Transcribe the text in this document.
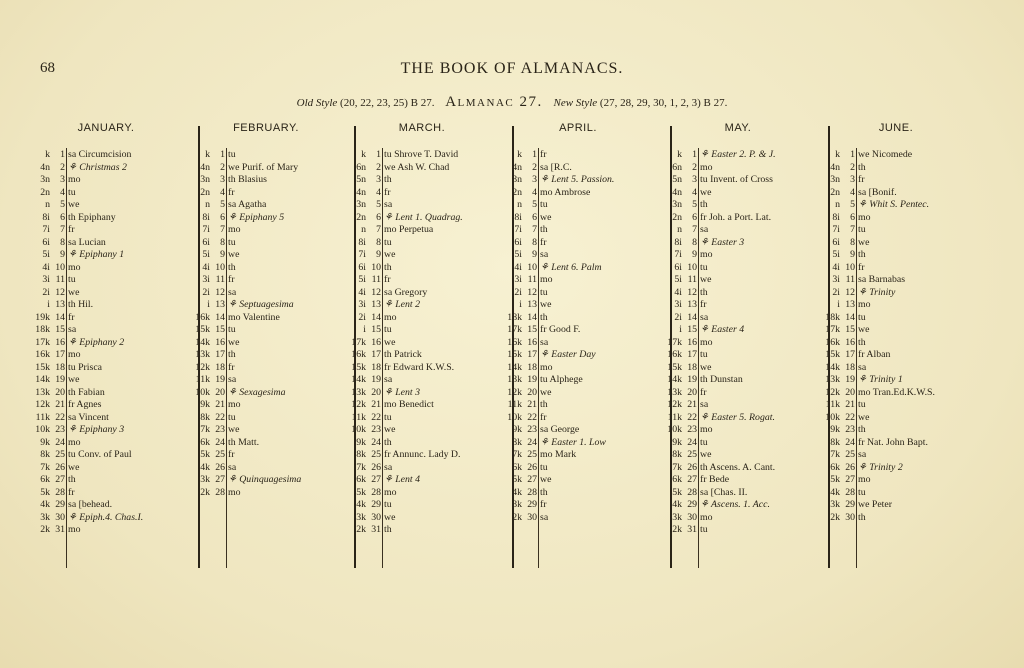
68	THE BOOK OF ALMANACS.
Old Style (20, 22, 23, 25) B 27. Almanac 27. New Style (27, 28, 29, 30, 1, 2, 3) B 27.
JANUARY.
k	1 sa Circumcision
4n	2 ⚘ Christmas 2
3n	3 mo
2n	4 tu
n	5 we
8i	6 th Epiphany
7i	7 fr
6i	8 sa Lucian
5i	9 ⚘ Epiphany 1
4i 10 mo
3i 11 tu
2i 12 we
i 13 th Hil.
19k 14 fr
18k 15 sa
17k 16 ⚘ Epiphany 2
16k 17 mo
15k 18 tu Prisca
14k 19 we
13k 20 th Fabian
12k 21 fr Agnes
11k 22 sa Vincent
10k 23 ⚘ Epiphany 3
9k 24 mo
8k 25 tu Conv. of Paul
7k 26 we
6k 27 th
5k 28 fr
4k 29 sa [behead.
3k 30 ⚘ Epiph.4. Chas.I.
2k 31 mo
FEBRUARY.
k	1 tu
4n	2 we Purif. of Mary
3n	3 th Blasius
2n	4 fr
n	5 sa Agatha
8i	6 ⚘ Epiphany 5
7i	7 mo
6i	8 tu
5i	9 we
4i 10 th
3i 11 fr
2i 12 sa
i 13 ⚘ Septuagesima
16k 14 mo Valentine
15k 15 tu
14k 16 we
13k 17 th
12k 18 fr
11k 19 sa
10k 20 ⚘ Sexagesima
9k 21 mo
8k 22 tu
7k 23 we
6k 24 th Matt.
5k 25 fr
4k 26 sa
3k 27 ⚘ Quinquagesima
2k 28 mo
MARCH.
k	1 tu Shrove T. David
6n	2 we Ash W. Chad
5n	3 th
4n	4 fr
3n	5 sa
2n	6 ⚘ Lent 1. Quadrag.
n	7 mo Perpetua
8i	8 tu
7i	9 we
6i 10 th
5i 11 fr
4i 12 sa Gregory
3i 13 ⚘ Lent 2
2i 14 mo
i 15 tu
17k 16 we
16k 17 th Patrick
15k 18 fr Edward K.W.S.
14k 19 sa
13k 20 ⚘ Lent 3
12k 21 mo Benedict
11k 22 tu
10k 23 we
9k 24 th
8k 25 fr Annunc. Lady D.
7k 26 sa
6k 27 ⚘ Lent 4
5k 28 mo
4k 29 tu
3k 30 we
2k 31 th
APRIL.
k	1 fr
4n	2 sa [R.C.
3n	3 ⚘ Lent 5. Passion.
2n	4 mo Ambrose
n	5 tu
8i	6 we
7i	7 th
6i	8 fr
5i	9 sa
4i 10 ⚘ Lent 6. Palm
3i 11 mo
2i 12 tu
i 13 we
18k 14 th
17k 15 fr Good F.
16k 16 sa
15k 17 ⚘ Easter Day
14k 18 mo
13k 19 tu Alphege
12k 20 we
11k 21 th
10k 22 fr
9k 23 sa George
8k 24 ⚘ Easter 1. Low
7k 25 mo Mark
6k 26 tu
5k 27 we
4k 28 th
3k 29 fr
2k 30 sa
MAY.
k	1 ⚘ Easter 2. P. & J.
6n	2 mo
5n	3 tu Invent. of Cross
4n	4 we
3n	5 th
2n	6 fr Joh. a Port. Lat.
n	7 sa
8i	8 ⚘ Easter 3
7i	9 mo
6i 10 tu
5i 11 we
4i 12 th
3i 13 fr
2i 14 sa
i 15 ⚘ Easter 4
17k 16 mo
16k 17 tu
15k 18 we
14k 19 th Dunstan
13k 20 fr
12k 21 sa
11k 22 ⚘ Easter 5. Rogat.
10k 23 mo
9k 24 tu
8k 25 we
7k 26 th Ascens. A. Cant.
6k 27 fr Bede
5k 28 sa [Chas. II.
4k 29 ⚘ Ascens. 1. Acc.
3k 30 mo
2k 31 tu
JUNE.
k	1 we Nicomede
4n	2 th
3n	3 fr
2n	4 sa [Bonif.
n	5 ⚘ Whit S. Pentec.
8i	6 mo
7i	7 tu
6i	8 we
5i	9 th
4i 10 fr
3i 11 sa Barnabas
2i 12 ⚘ Trinity
i 13 mo
18k 14 tu
17k 15 we
16k 16 th
15k 17 fr Alban
14k 18 sa
13k 19 ⚘ Trinity 1
12k 20 mo Tran.Ed.K.W.S.
11k 21 tu
10k 22 we
9k 23 th
8k 24 fr Nat. John Bapt.
7k 25 sa
6k 26 ⚘ Trinity 2
5k 27 mo
4k 28 tu
3k 29 we Peter
2k 30 th
